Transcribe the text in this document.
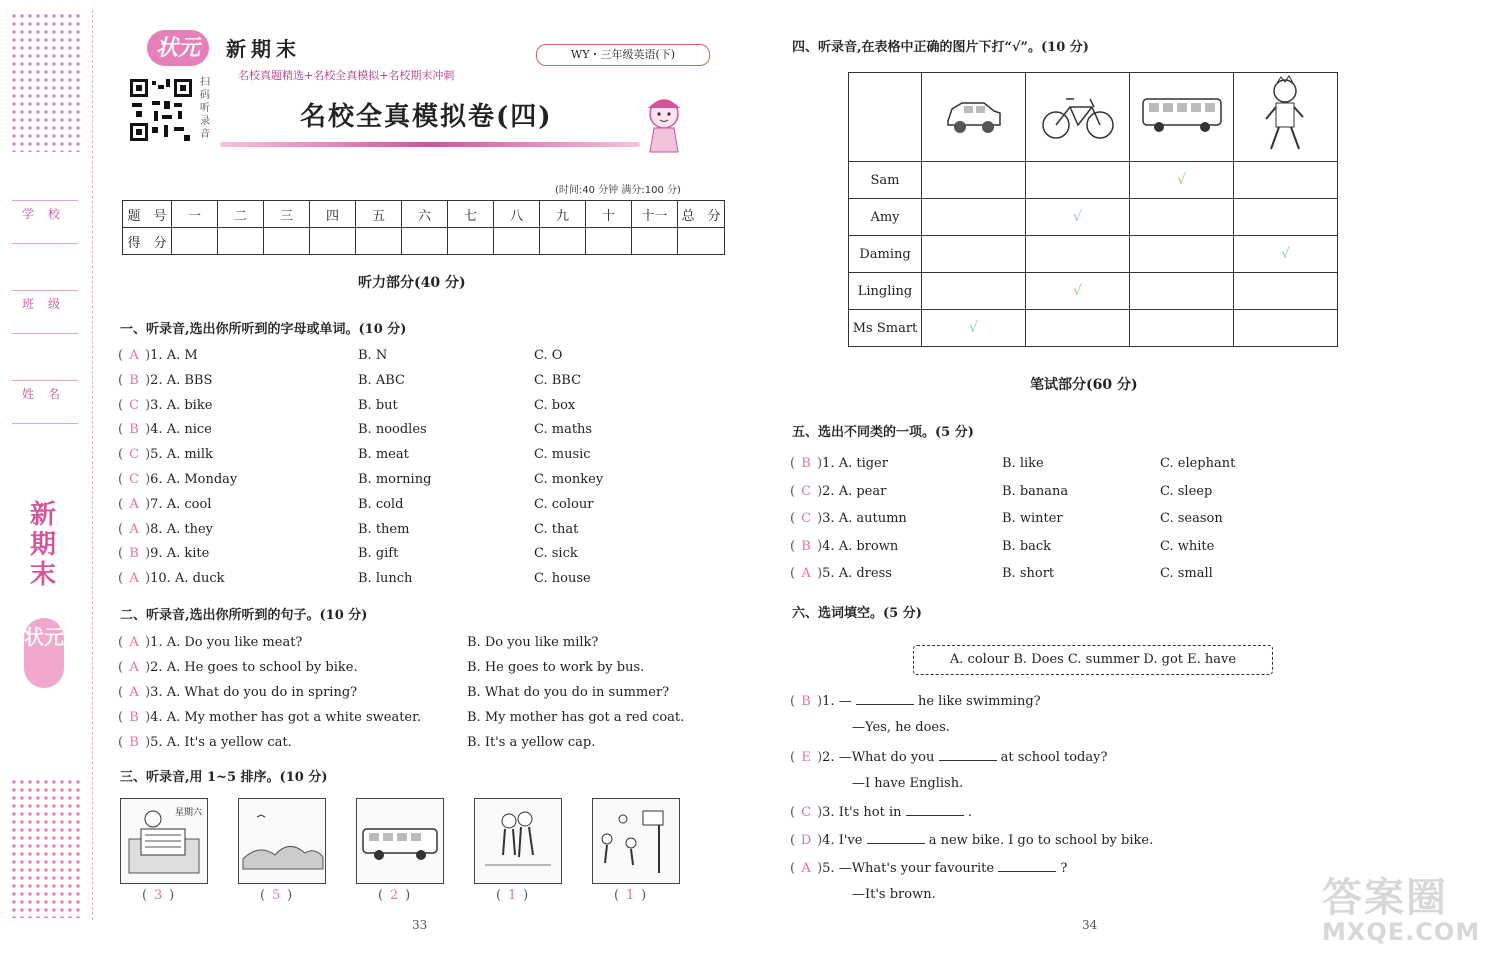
学校
班级
姓名
新期末
状元
状元	新期末
名校真题精选+名校全真模拟+名校期末冲刺
WY・三年级英语(下)
扫码听录音
名校全真模拟卷(四)
(时间:40 分钟 满分:100 分)
题　号	一	二	三	四	五	六	七	八	九	十	十一	总　分
得　分												
听力部分(40 分)
一、听录音,选出你所听到的字母或单词。(10 分)
( A )1. A. M	B. N	C. O
( B )2. A. BBS	B. ABC	C. BBC
( C )3. A. bike	B. but	C. box
( B )4. A. nice	B. noodles	C. maths
( C )5. A. milk	B. meat	C. music
( C )6. A. Monday	B. morning	C. monkey
( A )7. A. cool	B. cold	C. colour
( A )8. A. they	B. them	C. that
( B )9. A. kite	B. gift	C. sick
( A )10. A. duck	B. lunch	C. house
二、听录音,选出你所听到的句子。(10 分)
( A )1. A. Do you like meat?	B. Do you like milk?
( A )2. A. He goes to school by bike.	B. He goes to work by bus.
( A )3. A. What do you do in spring?	B. What do you do in summer?
( B )4. A. My mother has got a white sweater.	B. My mother has got a red coat.
( B )5. A. It's a yellow cat.	B. It's a yellow cap.
三、听录音,用 1~5 排序。(10 分)
星期六
( 3 )	( 5 )	( 2 )	( 1 )	( 1 )
33
四、听录音,在表格中正确的图片下打“√”。(10 分)

Sam			√	
Amy		√		
Daming				√
Lingling		√		
Ms Smart	√			
笔试部分(60 分)
五、选出不同类的一项。(5 分)
( B )1. A. tiger	B. like	C. elephant
( C )2. A. pear	B. banana	C. sleep
( C )3. A. autumn	B. winter	C. season
( B )4. A. brown	B. back	C. white
( A )5. A. dress	B. short	C. small
六、选词填空。(5 分)
A. colour B. Does C. summer D. got E. have
( B )1. —	he like swimming?
—Yes, he does.
( E )2. —What do you	at school today?
—I have English.
( C )3. It's hot in	.
( D )4. I've	a new bike. I go to school by bike.
( A )5. —What's your favourite	?
—It's brown.
34
答案圈
MXQE.COM
